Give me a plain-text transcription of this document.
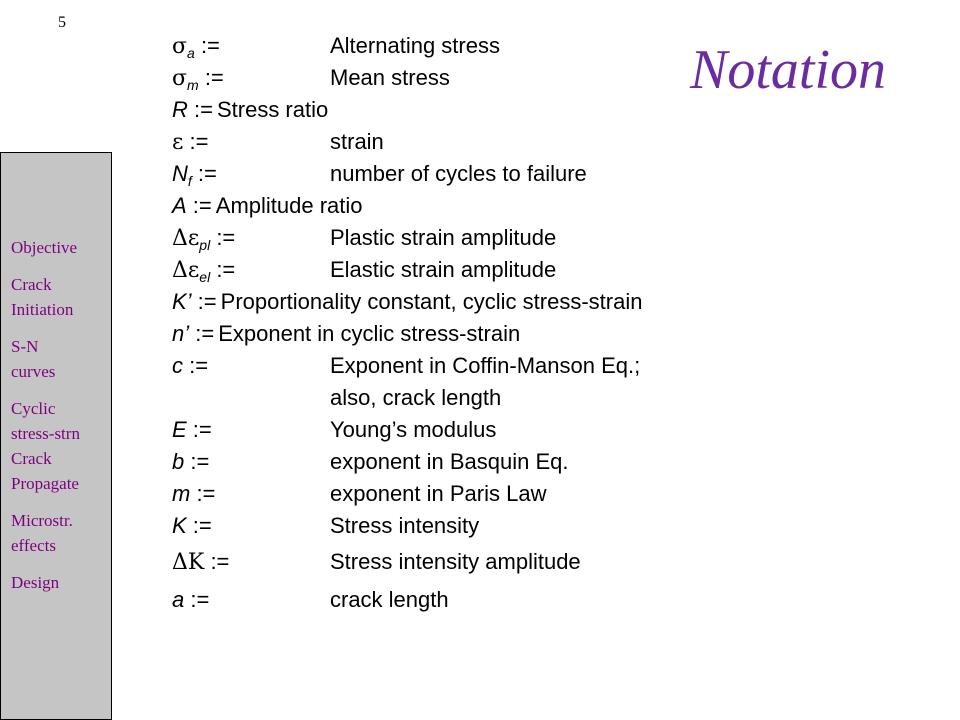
5
Notation
Objective
Crack
Initiation
S-N
curves
Cyclic
stress-strn
Crack
Propagate
Microstr.
effects
Design
$\sigma_a$ :=	Alternating stress
$\sigma_m$ :=	Mean stress
R := Stress ratio
ε :=	strain
$N_f$ :=	number of cycles to failure
A := Amplitude ratio
$\Delta\varepsilon_{pl}$ :=	Plastic strain amplitude
$\Delta\varepsilon_{el}$ :=	Elastic strain amplitude
K’ := Proportionality constant, cyclic stress-strain
n’ := Exponent in cyclic stress-strain
c :=	Exponent in Coffin-Manson Eq.;
also, crack length
E :=	Young’s modulus
b :=	exponent in Basquin Eq.
m :=	exponent in Paris Law
K :=	Stress intensity
ΔK :=	Stress intensity amplitude
a :=	crack length
